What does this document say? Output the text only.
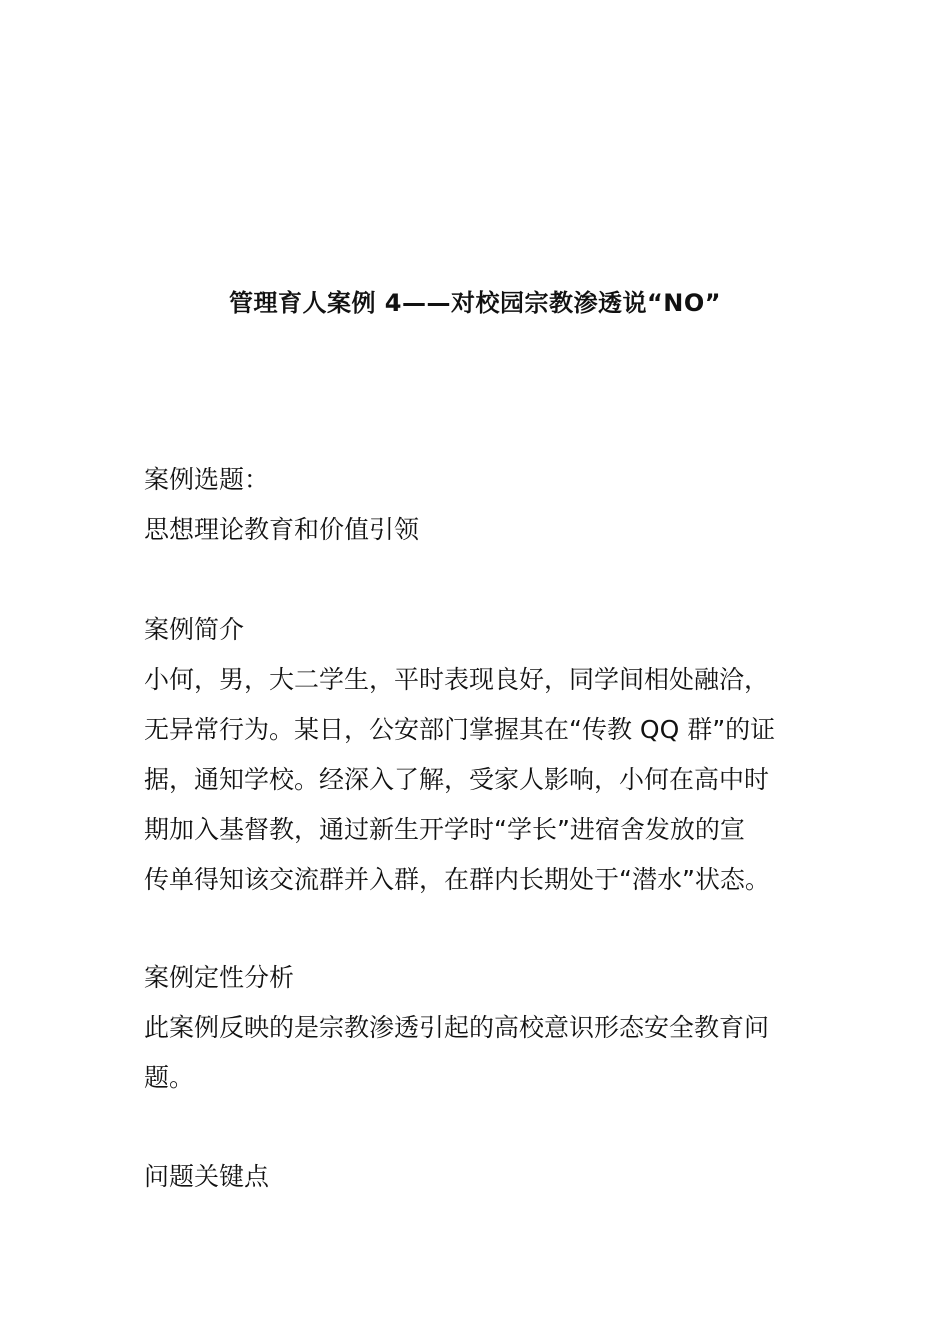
管理育人案例 4——对校园宗教渗透说“NO”

案例选题：

思想理论教育和价值引领

案例简介

小何，男，大二学生，平时表现良好，同学间相处融洽，

无异常行为。某日，公安部门掌握其在“传教 QQ 群”的证

据，通知学校。经深入了解，受家人影响，小何在高中时

期加入基督教，通过新生开学时“学长”进宿舍发放的宣

传单得知该交流群并入群，在群内长期处于“潜水”状态。

案例定性分析

此案例反映的是宗教渗透引起的高校意识形态安全教育问

题。

问题关键点
